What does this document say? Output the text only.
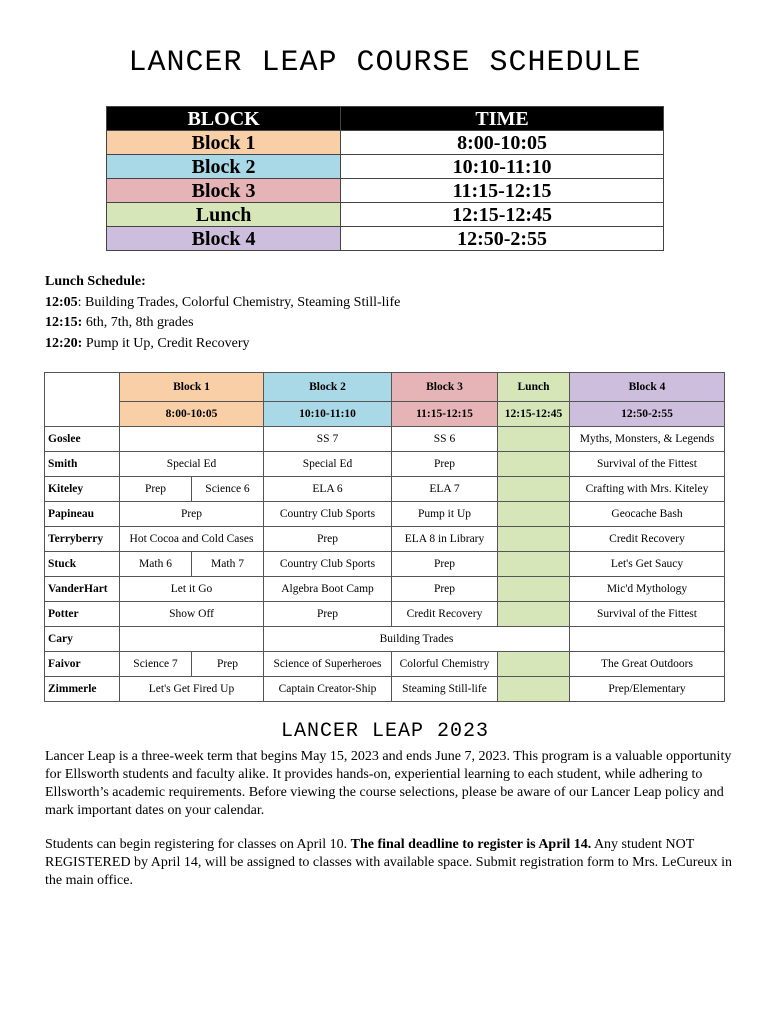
LANCER LEAP COURSE SCHEDULE
BLOCK	TIME
Block 1	8:00-10:05
Block 2	10:10-11:10
Block 3	11:15-12:15
Lunch	12:15-12:45
Block 4	12:50-2:55
Lunch Schedule:
12:05: Building Trades, Colorful Chemistry, Steaming Still-life
12:15: 6th, 7th, 8th grades
12:20: Pump it Up, Credit Recovery
	Block 1		Block 2	Block 3	Lunch	Block 4
	8:00-10:05		10:10-11:10	11:15-12:15	12:15-12:45	12:50-2:55
Goslee			SS 7	SS 6		Myths, Monsters, & Legends
Smith	Special Ed		Special Ed	Prep		Survival of the Fittest
Kiteley	Prep	Science 6	ELA 6	ELA 7		Crafting with Mrs. Kiteley
Papineau	Prep		Country Club Sports	Pump it Up		Geocache Bash
Terryberry	Hot Cocoa and Cold Cases		Prep	ELA 8 in Library		Credit Recovery
Stuck	Math 6	Math 7	Country Club Sports	Prep		Let's Get Saucy
VanderHart	Let it Go		Algebra Boot Camp	Prep		Mic'd Mythology
Potter	Show Off		Prep	Credit Recovery		Survival of the Fittest
Cary			Building Trades			
Faivor	Science 7	Prep	Science of Superheroes	Colorful Chemistry		The Great Outdoors
Zimmerle	Let's Get Fired Up		Captain Creator-Ship	Steaming Still-life		Prep/Elementary
LANCER LEAP 2023
Lancer Leap is a three-week term that begins May 15, 2023 and ends June 7, 2023. This program is a valuable opportunity for Ellsworth students and faculty alike. It provides hands-on, experiential learning to each student, while adhering to Ellsworth’s academic requirements. Before viewing the course selections, please be aware of our Lancer Leap policy and mark important dates on your calendar.
Students can begin registering for classes on April 10. The final deadline to register is April 14. Any student NOT REGISTERED by April 14, will be assigned to classes with available space. Submit registration form to Mrs. LeCureux in the main office.
